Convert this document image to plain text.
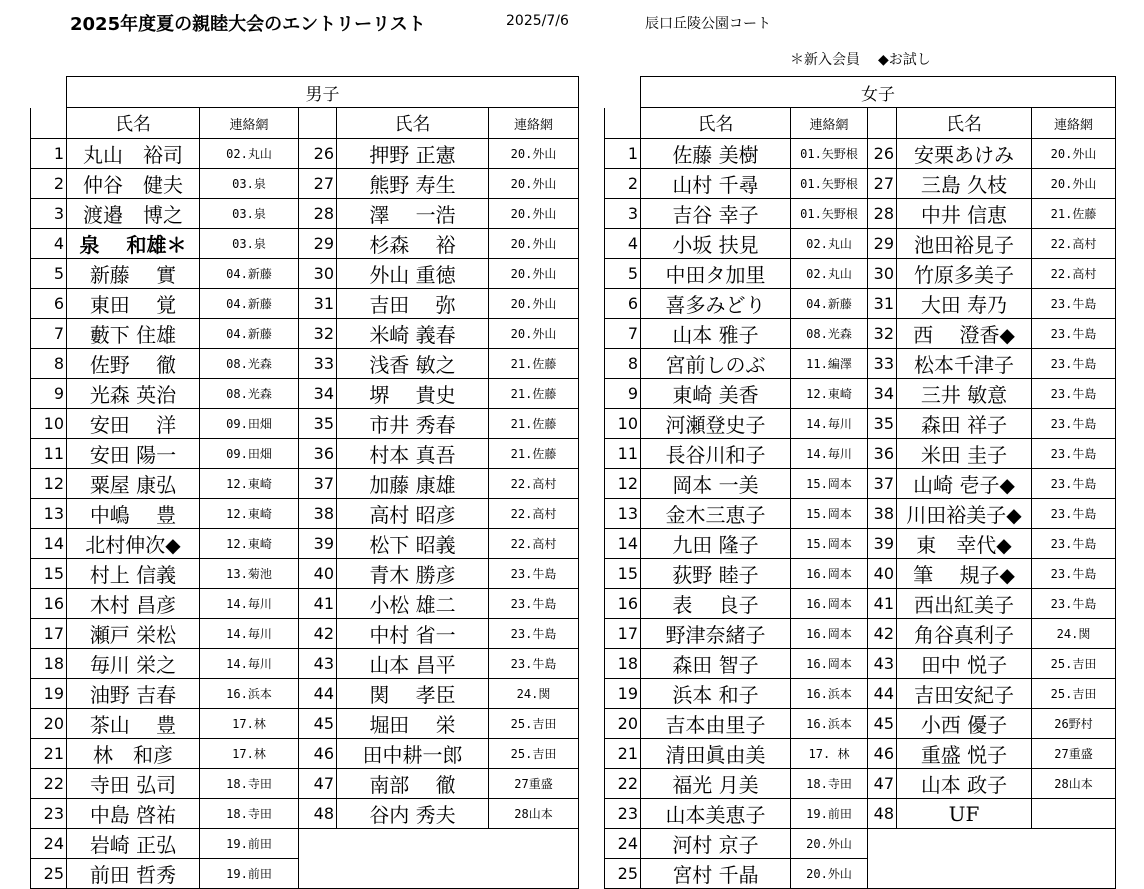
2025年度夏の親睦大会のエントリーリスト	2025/7/6	辰口丘陵公園コート
＊新入会員 ◆お試し
	男子				
	氏名	連絡網		氏名	連絡網
1	丸山　裕司	02.丸山	26	押野 正憲	20.外山
2	仲谷　健夫	03.泉	27	熊野 寿生	20.外山
3	渡邉　博之	03.泉	28	澤　 一浩	20.外山
4	泉　 和雄＊	03.泉	29	杉森　 裕	20.外山
5	新藤　 實	04.新藤	30	外山 重徳	20.外山
6	東田　 覚	04.新藤	31	吉田　 弥	20.外山
7	藪下 住雄	04.新藤	32	米崎 義春	20.外山
8	佐野　 徹	08.光森	33	浅香 敏之	21.佐藤
9	光森 英治	08.光森	34	堺　 貴史	21.佐藤
10	安田　 洋	09.田畑	35	市井 秀春	21.佐藤
11	安田 陽一	09.田畑	36	村本 真吾	21.佐藤
12	粟屋 康弘	12.東崎	37	加藤 康雄	22.高村
13	中嶋　 豊	12.東崎	38	高村 昭彦	22.高村
14	北村伸次◆	12.東崎	39	松下 昭義	22.高村
15	村上 信義	13.菊池	40	青木 勝彦	23.牛島
16	木村 昌彦	14.毎川	41	小松 雄二	23.牛島
17	瀬戸 栄松	14.毎川	42	中村 省一	23.牛島
18	毎川 栄之	14.毎川	43	山本 昌平	23.牛島
19	油野 吉春	16.浜本	44	関　 孝臣	24.関
20	茶山　 豊	17.林	45	堀田　 栄	25.吉田
21	林　和彦	17.林	46	田中耕一郎	25.吉田
22	寺田 弘司	18.寺田	47	南部　 徹	27重盛
23	中島 啓祐	18.寺田	48	谷内 秀夫	28山本
24	岩崎 正弘	19.前田			
25	前田 哲秀	19.前田			
	女子				
	氏名	連絡網		氏名	連絡網
1	佐藤 美樹	01.矢野根	26	安栗あけみ	20.外山
2	山村 千尋	01.矢野根	27	三島 久枝	20.外山
3	吉谷 幸子	01.矢野根	28	中井 信恵	21.佐藤
4	小坂 扶見	02.丸山	29	池田裕見子	22.高村
5	中田タ加里	02.丸山	30	竹原多美子	22.高村
6	喜多みどり	04.新藤	31	大田 寿乃	23.牛島
7	山本 雅子	08.光森	32	西　 澄香◆	23.牛島
8	宮前しのぶ	11.編澤	33	松本千津子	23.牛島
9	東崎 美香	12.東崎	34	三井 敏意	23.牛島
10	河瀬登史子	14.毎川	35	森田 祥子	23.牛島
11	長谷川和子	14.毎川	36	米田 圭子	23.牛島
12	岡本 一美	15.岡本	37	山崎 壱子◆	23.牛島
13	金木三恵子	15.岡本	38	川田裕美子◆	23.牛島
14	九田 隆子	15.岡本	39	東　幸代◆	23.牛島
15	荻野 睦子	16.岡本	40	筆　 規子◆	23.牛島
16	表　 良子	16.岡本	41	西出紅美子	23.牛島
17	野津奈緒子	16.岡本	42	角谷真利子	24.関
18	森田 智子	16.岡本	43	田中 悦子	25.吉田
19	浜本 和子	16.浜本	44	吉田安紀子	25.吉田
20	吉本由里子	16.浜本	45	小西 優子	26野村
21	清田眞由美	17. 林	46	重盛 悦子	27重盛
22	福光 月美	18.寺田	47	山本 政子	28山本
23	山本美恵子	19.前田	48	UF	
24	河村 京子	20.外山			
25	宮村 千晶	20.外山			
